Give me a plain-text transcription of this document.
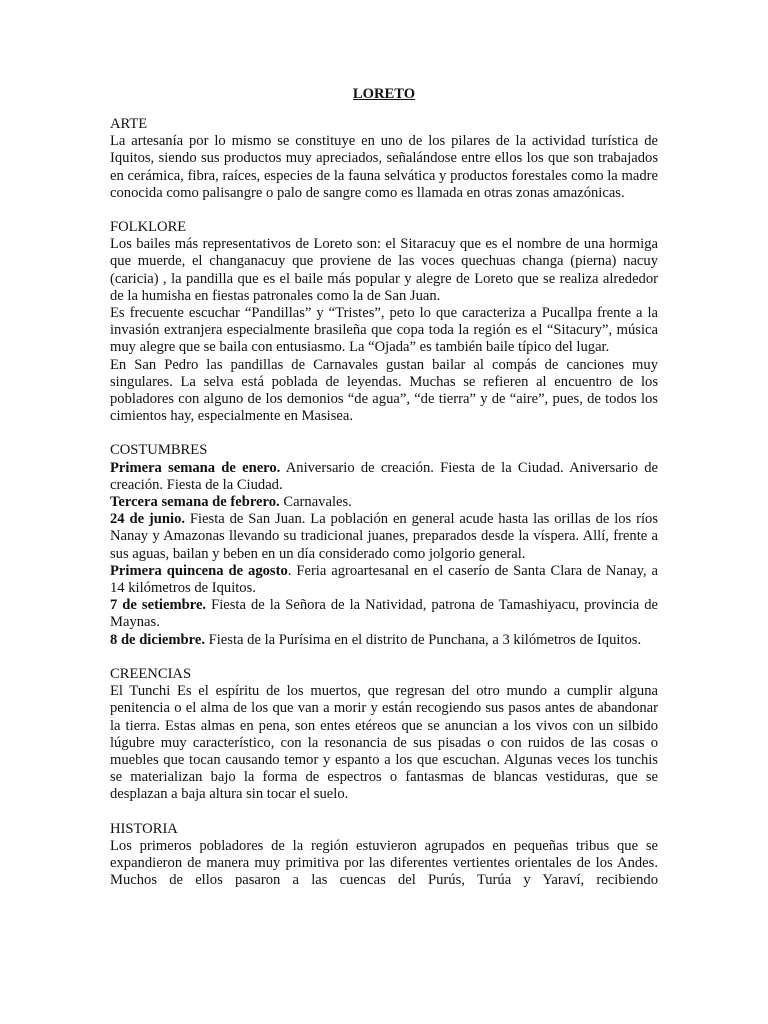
LORETO

ARTE

La artesanía por lo mismo se constituye en uno de los pilares de la actividad turística de Iquitos, siendo sus productos muy apreciados, señalándose entre ellos los que son trabajados en cerámica, fibra, raíces, especies de la fauna selvática y productos forestales como la madre conocida como palisangre o palo de sangre como es llamada en otras zonas amazónicas.

FOLKLORE

Los bailes más representativos de Loreto son: el Sitaracuy que es el nombre de una hormiga que muerde, el changanacuy que proviene de las voces quechuas changa (pierna) nacuy (caricia) , la pandilla que es el baile más popular y alegre de Loreto que se realiza alrededor de la humisha en fiestas patronales como la de San Juan.

Es frecuente escuchar “Pandillas” y “Tristes”, peto lo que caracteriza a Pucallpa frente a la invasión extranjera especialmente brasileña que copa toda la región es el “Sitacury”, música muy alegre que se baila con entusiasmo. La “Ojada” es también baile típico del lugar.

En San Pedro las pandillas de Carnavales gustan bailar al compás de canciones muy singulares. La selva está poblada de leyendas. Muchas se refieren al encuentro de los pobladores con alguno de los demonios “de agua”, “de tierra” y de “aire”, pues, de todos los cimientos hay, especialmente en Masisea.

COSTUMBRES

Primera semana de enero. Aniversario de creación. Fiesta de la Ciudad. Aniversario de creación. Fiesta de la Ciudad.

Tercera semana de febrero. Carnavales.

24 de junio. Fiesta de San Juan. La población en general acude hasta las orillas de los ríos Nanay y Amazonas llevando su tradicional juanes, preparados desde la víspera. Allí, frente a sus aguas, bailan y beben en un día considerado como jolgorio general.

Primera quincena de agosto. Feria agroartesanal en el caserío de Santa Clara de Nanay, a 14 kilómetros de Iquitos.

7 de setiembre. Fiesta de la Señora de la Natividad, patrona de Tamashiyacu, provincia de Maynas.

8 de diciembre. Fiesta de la Purísima en el distrito de Punchana, a 3 kilómetros de Iquitos.

CREENCIAS

El Tunchi Es el espíritu de los muertos, que regresan del otro mundo a cumplir alguna penitencia o el alma de los que van a morir y están recogiendo sus pasos antes de abandonar la tierra. Estas almas en pena, son entes etéreos que se anuncian a los vivos con un silbido lúgubre muy característico, con la resonancia de sus pisadas o con ruidos de las cosas o muebles que tocan causando temor y espanto a los que escuchan. Algunas veces los tunchis se materializan bajo la forma de espectros o fantasmas de blancas vestiduras, que se desplazan a baja altura sin tocar el suelo.

HISTORIA

Los primeros pobladores de la región estuvieron agrupados en pequeñas tribus que se expandieron de manera muy primitiva por las diferentes vertientes orientales de los Andes. Muchos de ellos pasaron a las cuencas del Purús, Turúa y Yaraví, recibiendo
